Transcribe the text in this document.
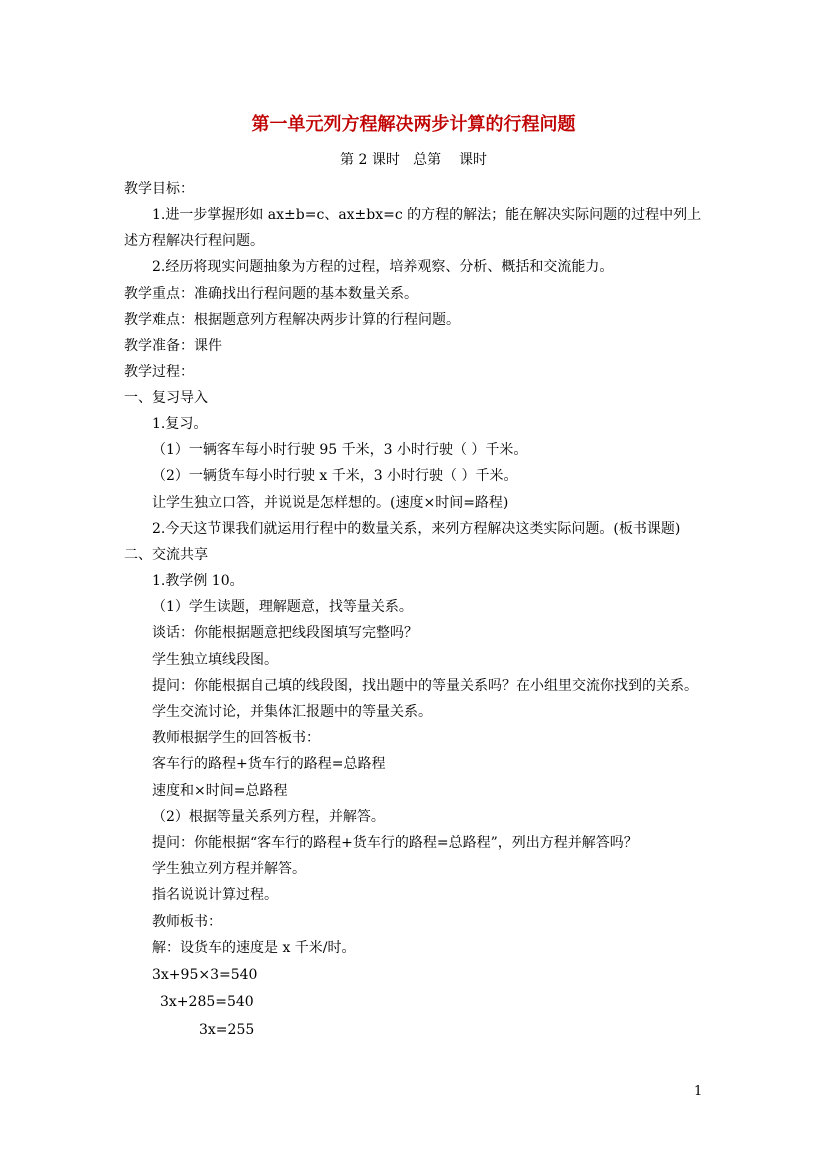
第一单元列方程解决两步计算的行程问题
第 2 课时   总第    课时
教学目标：
1.进一步掌握形如 ax±b=c、ax±bx=c 的方程的解法；能在解决实际问题的过程中列上
述方程解决行程问题。
2.经历将现实问题抽象为方程的过程，培养观察、分析、概括和交流能力。
教学重点：准确找出行程问题的基本数量关系。
教学难点：根据题意列方程解决两步计算的行程问题。
教学准备：课件
教学过程：
一、复习导入
1.复习。
（1）一辆客车每小时行驶 95 千米，3 小时行驶（ ）千米。
（2）一辆货车每小时行驶 x 千米，3 小时行驶（ ）千米。
让学生独立口答，并说说是怎样想的。(速度×时间=路程)
2.今天这节课我们就运用行程中的数量关系，来列方程解决这类实际问题。(板书课题)
二、交流共享
1.教学例 10。
（1）学生读题，理解题意，找等量关系。
谈话：你能根据题意把线段图填写完整吗？
学生独立填线段图。
提问：你能根据自己填的线段图，找出题中的等量关系吗？在小组里交流你找到的关系。
学生交流讨论，并集体汇报题中的等量关系。
教师根据学生的回答板书：
客车行的路程+货车行的路程=总路程
速度和×时间=总路程
（2）根据等量关系列方程，并解答。
提问：你能根据“客车行的路程+货车行的路程=总路程”，列出方程并解答吗？
学生独立列方程并解答。
指名说说计算过程。
教师板书：
解：设货车的速度是 x 千米/时。
3x+95×3=540
3x+285=540
3x=255
1
